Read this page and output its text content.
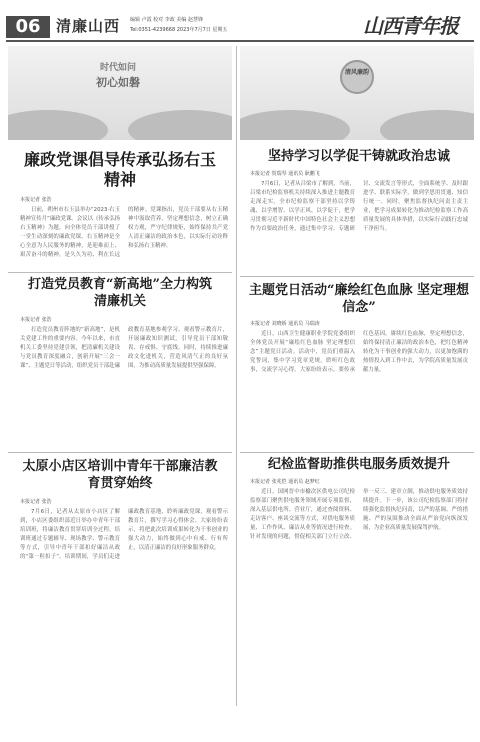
06	清廉山西 编辑 卢霞 校对 李政 美编 赵慧锋
Tel:0351-4239668 2023年7月7日 星期五	山西青年报
时代如问
初心如磐
清风廉韵
廉政党课倡导传承弘扬右玉精神
本报记者 张浩
日前，朔州市右玉县举办“2023·右玉精神宣传月”廉政党课。会议以《传承弘扬右玉精神》为题，向全体党员干部讲授了一堂生动深刻的廉政党课。右玉精神是全心全意为人民服务的精神，是迎难而上、艰苦奋斗的精神，是久久为功、利在长远的精神。党课指出，党员干部要从右玉精神中汲取营养，坚定理想信念，树立正确权力观，严守纪律规矩，始终保持共产党人清正廉洁的政治本色，以实际行动诠释和弘扬右玉精神。
打造党员教育“新高地”全力构筑清廉机关
本报记者 张浩
打造党员教育阵地的“新高地”，是机关党建工作的重要内容。今年以来，市直机关工委坚持党建引领，把清廉机关建设与党员教育深度融合，创新开展“三会一课”、主题党日等活动，组织党员干部赴廉政教育基地参观学习，观看警示教育片，开展廉政知识测试，引导党员干部知敬畏、存戒惧、守底线。同时，持续推进廉政文化进机关，营造风清气正的良好氛围，为推动高质量发展提供坚强保障。
太原小店区培训中青年干部廉洁教育贯穿始终
本报记者 张浩
7月6日，记者从太原市小店区了解到，小店区委组织部近日举办中青年干部培训班，将廉洁教育贯穿培训全过程。培训班通过专题辅导、现场教学、警示教育等方式，引导中青年干部扣好廉洁从政的“第一粒扣子”。培训期间，学员们走进廉政教育基地，聆听廉政党课，观看警示教育片，撰写学习心得体会。大家纷纷表示，将把此次培训成果转化为干事创业的强大动力，始终做到心中有戒、行有所止，以清正廉洁的良好形象服务群众。
坚持学习以学促干铸就政治忠诚
本报记者 贺瑞琴 通讯员 耿鹏飞
7月6日，记者从吕梁市了解到，当前，吕梁市纪检监察机关持续深入推进主题教育走深走实。全市纪检监察干部坚持以学铸魂、以学增智、以学正风、以学促干，把学习贯彻习近平新时代中国特色社会主义思想作为首要政治任务，通过集中学习、专题研讨、交流发言等形式，全面系统学、及时跟进学、联系实际学，做到学思用贯通、知信行统一。同时，聚焦监督执纪问责主责主业，把学习成果转化为推动纪检监察工作高质量发展的具体举措，以实际行动践行忠诚干净担当。
主题党日活动“廉绘红色血脉 坚定理想信念”
本报记者 刘晓娇 通讯员 马瑞涛
近日，山西卫生健康职业学院党委组织全体党员开展“廉绘红色血脉 坚定理想信念”主题党日活动。活动中，党员们重温入党誓词，集中学习党章党规，聆听红色故事，交流学习心得。大家纷纷表示，要传承红色基因，赓续红色血脉，坚定理想信念，始终保持清正廉洁的政治本色，把红色精神转化为干事创业的强大动力，以更加饱满的热情投入到工作中去，为学院高质量发展贡献力量。
纪检监督助推供电服务质效提升
本报记者 张兆恺 通讯员 赵梦红
近日，国网晋中市榆次区供电公司纪检监察部门聚焦供电服务领域开展专项监督，深入基层供电所、营业厅，通过查阅资料、走访客户、座谈交流等方式，对供电服务质量、工作作风、廉洁从业等情况进行检查。针对发现的问题，督促相关部门立行立改、举一反三、建章立制，推动供电服务质效持续提升。下一步，该公司纪检监察部门将持续强化监督执纪问责，以严的基调、严的措施、严的氛围推动全面从严治党向纵深发展，为企业高质量发展保驾护航。
